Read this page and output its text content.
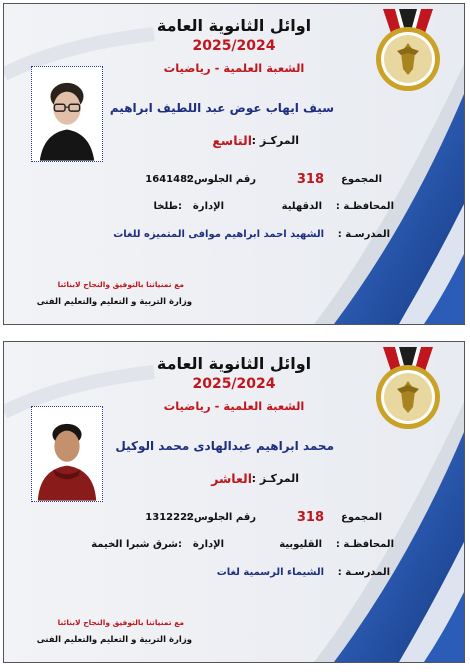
اوائل الثانوية العامة
2025/2024
الشعبة العلمية - رياضيات
سيف ايهاب عوض عبد اللطيف ابراهيم
المركـز :
التاسع
المجموع
318
رقم الجلوس :
1641482
المحافظـة :
الدقهلية
الإدارة
:طلخا
المدرسـة :
الشهيد احمد ابراهيم موافى المتميزه للغات
مع تمنياتنا بالتوفيق والنجاح لابنائنا
وزارة التربية و التعليم والتعليم الفنى
اوائل الثانوية العامة
2025/2024
الشعبة العلمية - رياضيات
محمد ابراهيم عبدالهادى محمد الوكيل
المركـز :
العاشر
المجموع
318
رقم الجلوس :
1312222
المحافظـة :
القليوبية
الإدارة
:شرق شبرا الخيمة
المدرسـة :
الشيماء الرسمية لغات
مع تمنياتنا بالتوفيق والنجاح لابنائنا
وزارة التربية و التعليم والتعليم الفنى
